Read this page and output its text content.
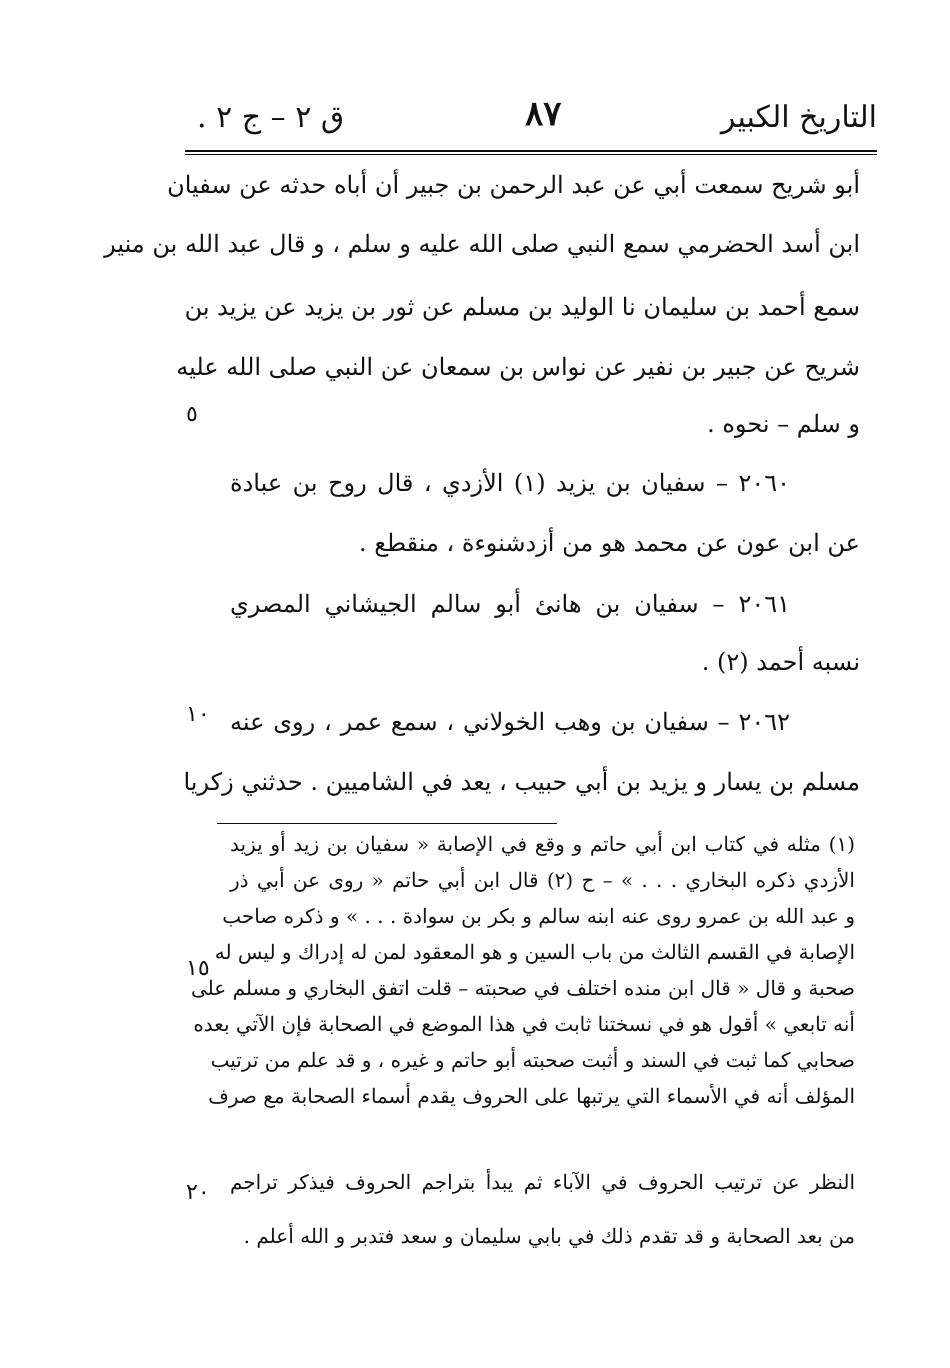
التاريخ الكبير
٨٧
ق ٢ – ج ٢ .
أبو شريح سمعت أبي عن عبد الرحمن بن جبير أن أباه حدثه عن سفيان
ابن أسد الحضرمي سمع النبي صلى الله عليه و سلم ، و قال عبد الله بن منير
سمع أحمد بن سليمان نا الوليد بن مسلم عن ثور بن يزيد عن يزيد بن
شريح عن جبير بن نفير عن نواس بن سمعان عن النبي صلى الله عليه
و سلم – نحوه .
٢٠٦٠ – سفيان بن يزيد (١) الأزدي ، قال روح بن عبادة
عن ابن عون عن محمد هو من أزدشنوءة ، منقطع .
٢٠٦١ – سفيان بن هانئ أبو سالم الجيشاني المصري
نسبه أحمد (٢) .
٢٠٦٢ – سفيان بن وهب الخولاني ، سمع عمر ، روى عنه
مسلم بن يسار و يزيد بن أبي حبيب ، يعد في الشاميين . حدثني زكريا
٥
١٠
١٥
٢٠
(١) مثله في كتاب ابن أبي حاتم و وقع في الإصابة « سفيان بن زيد أو يزيد
الأزدي ذكره البخاري . . . » – ح (٢) قال ابن أبي حاتم « روى عن أبي ذر
و عبد الله بن عمرو روى عنه ابنه سالم و بكر بن سوادة . . . » و ذكره صاحب
الإصابة في القسم الثالث من باب السين و هو المعقود لمن له إدراك و ليس له
صحبة و قال « قال ابن منده اختلف في صحبته – قلت اتفق البخاري و مسلم على
أنه تابعي » أقول هو في نسختنا ثابت في هذا الموضع في الصحابة فإن الآتي بعده
صحابي كما ثبت في السند و أثبت صحبته أبو حاتم و غيره ، و قد علم من ترتيب
المؤلف أنه في الأسماء التي يرتبها على الحروف يقدم أسماء الصحابة مع صرف
النظر عن ترتيب الحروف في الآباء ثم يبدأ بتراجم الحروف فيذكر تراجم
من بعد الصحابة و قد تقدم ذلك في بابي سليمان و سعد فتدبر و الله أعلم .
